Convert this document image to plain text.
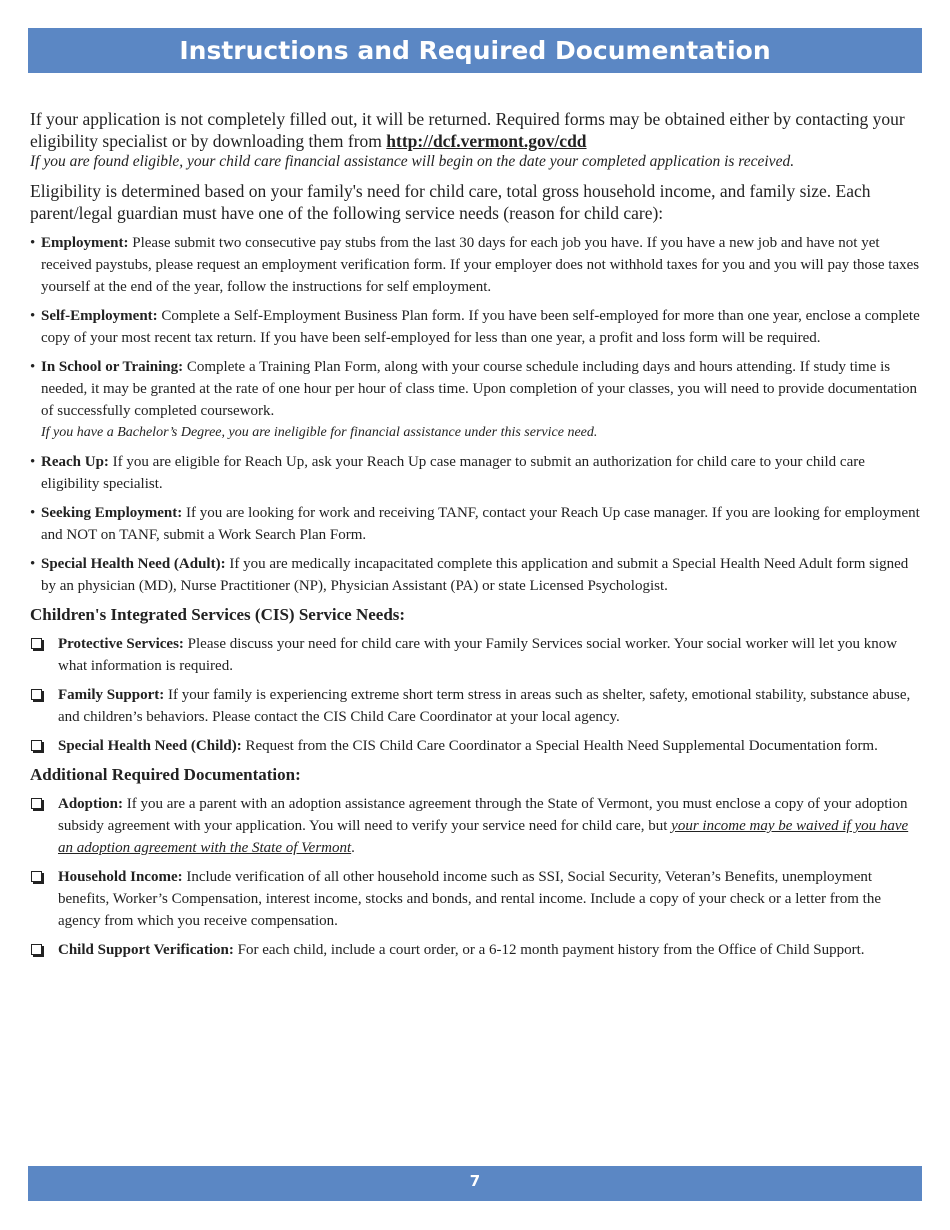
Instructions and Required Documentation

If your application is not completely filled out, it will be returned. Required forms may be obtained either by contacting your eligibility specialist or by downloading them from http://dcf.vermont.gov/cdd

If you are found eligible, your child care financial assistance will begin on the date your completed application is received.

Eligibility is determined based on your family's need for child care, total gross household income, and family size. Each parent/legal guardian must have one of the following service needs (reason for child care):

• Employment: Please submit two consecutive pay stubs from the last 30 days for each job you have. If you have a new job and have not yet received paystubs, please request an employment verification form. If your employer does not withhold taxes for you and you will pay those taxes yourself at the end of the year, follow the instructions for self employment.
• Self-Employment: Complete a Self-Employment Business Plan form. If you have been self-employed for more than one year, enclose a complete copy of your most recent tax return. If you have been self-employed for less than one year, a profit and loss form will be required.
• In School or Training: Complete a Training Plan Form, along with your course schedule including days and hours attending. If study time is needed, it may be granted at the rate of one hour per hour of class time. Upon completion of your classes, you will need to provide documentation of successfully completed coursework.
If you have a Bachelor’s Degree, you are ineligible for financial assistance under this service need.
• Reach Up: If you are eligible for Reach Up, ask your Reach Up case manager to submit an authorization for child care to your child care eligibility specialist.
• Seeking Employment: If you are looking for work and receiving TANF, contact your Reach Up case manager. If you are looking for employment and NOT on TANF, submit a Work Search Plan Form.
• Special Health Need (Adult): If you are medically incapacitated complete this application and submit a Special Health Need Adult form signed by an physician (MD), Nurse Practitioner (NP), Physician Assistant (PA) or state Licensed Psychologist.
Children's Integrated Services (CIS) Service Needs:
Protective Services: Please discuss your need for child care with your Family Services social worker. Your social worker will let you know what information is required.
Family Support: If your family is experiencing extreme short term stress in areas such as shelter, safety, emotional stability, substance abuse, and children’s behaviors. Please contact the CIS Child Care Coordinator at your local agency.
Special Health Need (Child): Request from the CIS Child Care Coordinator a Special Health Need Supplemental Documentation form.
Additional Required Documentation:
Adoption: If you are a parent with an adoption assistance agreement through the State of Vermont, you must enclose a copy of your adoption subsidy agreement with your application. You will need to verify your service need for child care, but your income may be waived if you have an adoption agreement with the State of Vermont.
Household Income: Include verification of all other household income such as SSI, Social Security, Veteran’s Benefits, unemployment benefits, Worker’s Compensation, interest income, stocks and bonds, and rental income. Include a copy of your check or a letter from the agency from which you receive compensation.
Child Support Verification: For each child, include a court order, or a 6-12 month payment history from the Office of Child Support.
7
